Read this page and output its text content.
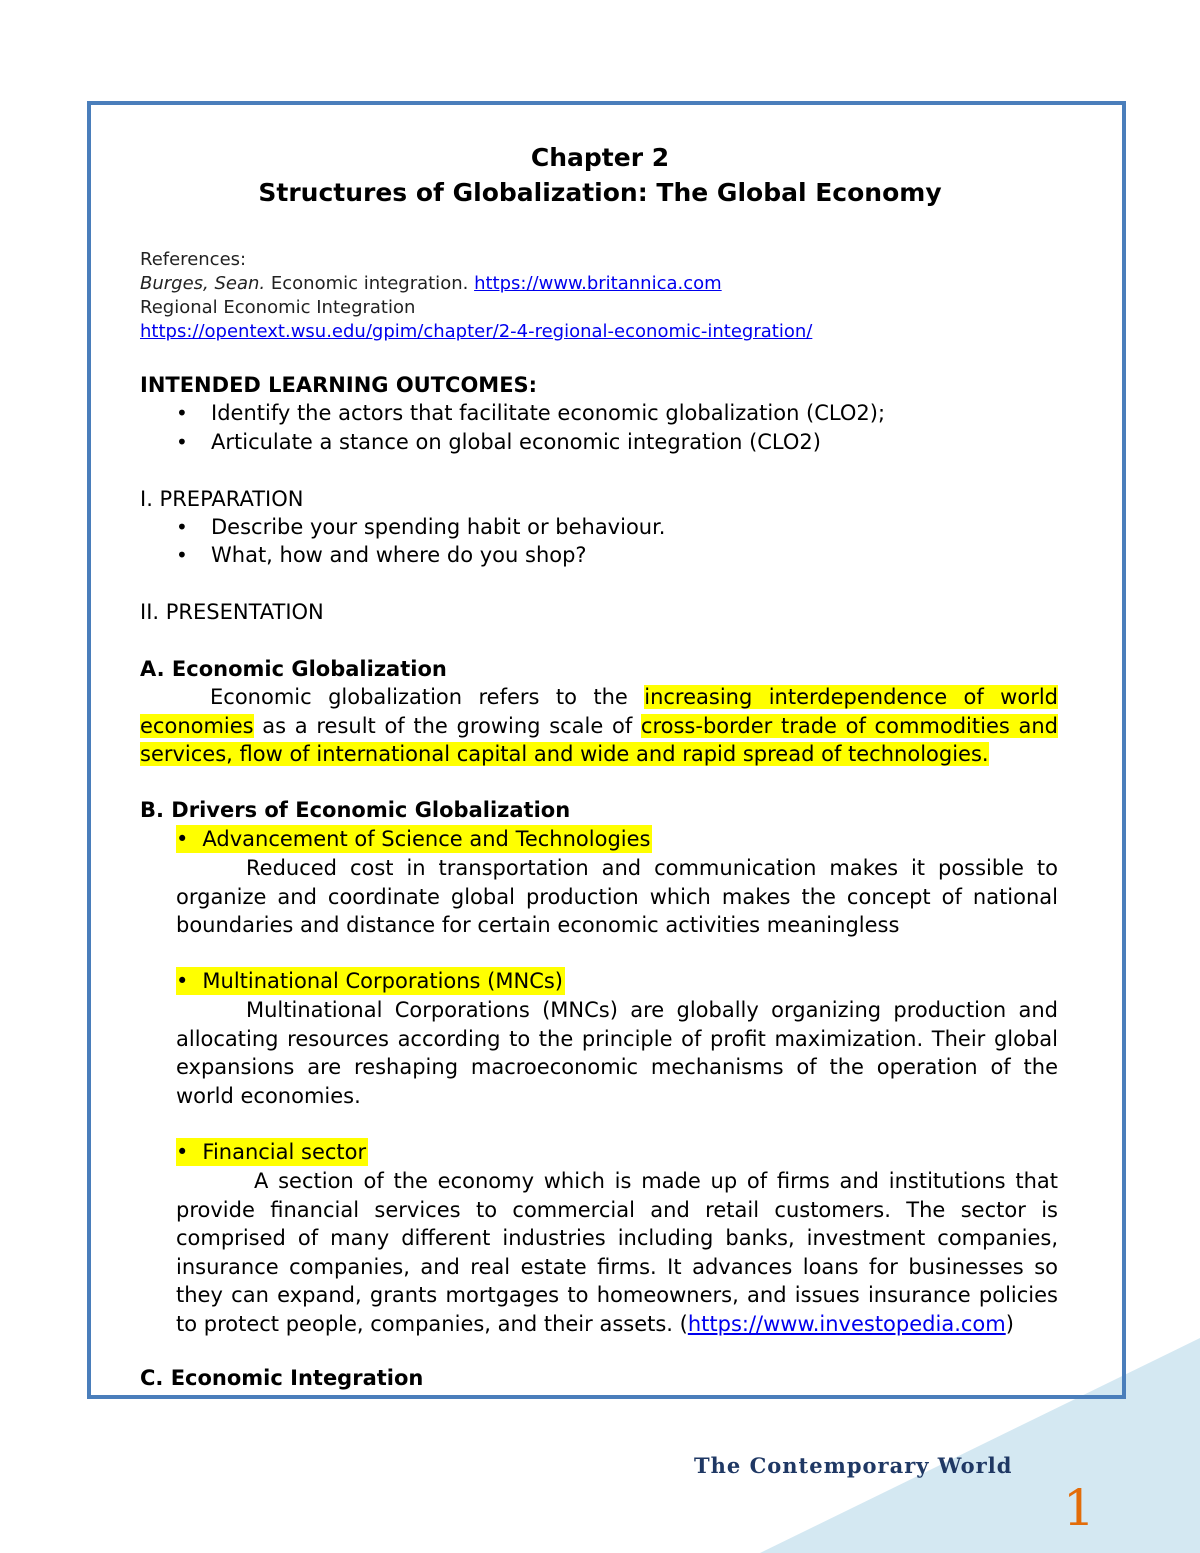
Chapter 2
Structures of Globalization: The Global Economy
References:
Burges, Sean. Economic integration. https://www.britannica.com
Regional Economic Integration
https://opentext.wsu.edu/gpim/chapter/2-4-regional-economic-integration/
INTENDED LEARNING OUTCOMES:
• Identify the actors that facilitate economic globalization (CLO2);
• Articulate a stance on global economic integration (CLO2)
I. PREPARATION
• Describe your spending habit or behaviour.
• What, how and where do you shop?
II. PRESENTATION
A. Economic Globalization
Economic globalization refers to the increasing interdependence of world economies as a result of the growing scale of cross-border trade of commodities and services, flow of international capital and wide and rapid spread of technologies.
B. Drivers of Economic Globalization
• Advancement of Science and Technologies
Reduced cost in transportation and communication makes it possible to organize and coordinate global production which makes the concept of national boundaries and distance for certain economic activities meaningless
• Multinational Corporations (MNCs)
Multinational Corporations (MNCs) are globally organizing production and allocating resources according to the principle of profit maximization. Their global expansions are reshaping macroeconomic mechanisms of the operation of the world economies.
• Financial sector
A section of the economy which is made up of firms and institutions that provide financial services to commercial and retail customers. The sector is comprised of many different industries including banks, investment companies, insurance companies, and real estate firms. It advances loans for businesses so they can expand, grants mortgages to homeowners, and issues insurance policies to protect people, companies, and their assets. (https://www.investopedia.com)
C. Economic Integration
The Contemporary World
1
